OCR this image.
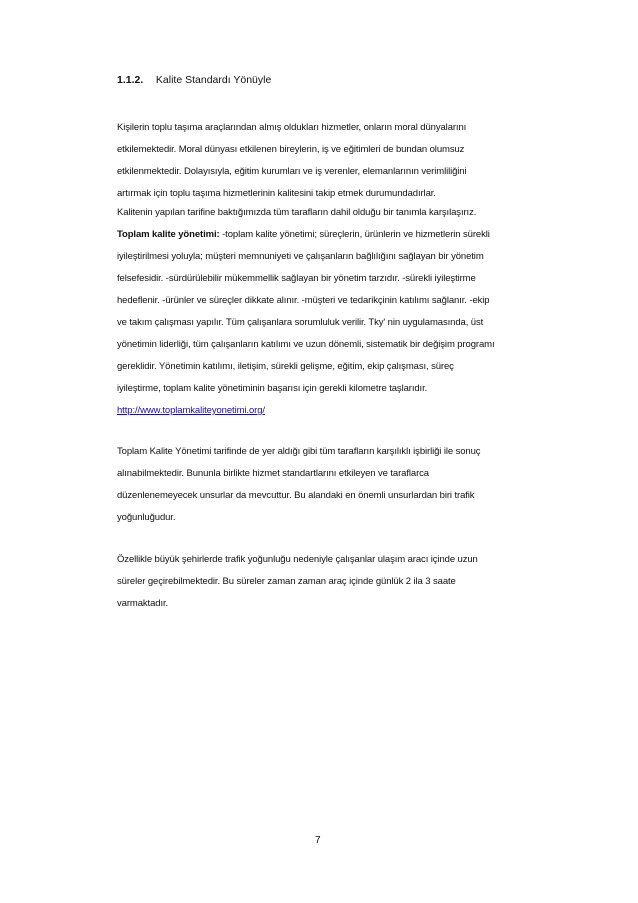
1.1.2. Kalite Standardı Yönüyle
Kişilerin toplu taşıma araçlarından almış oldukları hizmetler, onların moral dünyalarını
etkilemektedir. Moral dünyası etkilenen bireylerin, iş ve eğitimleri de bundan olumsuz
etkilenmektedir. Dolayısıyla, eğitim kurumları ve iş verenler, elemanlarının verimliliğini
artırmak için toplu taşıma hizmetlerinin kalitesini takip etmek durumundadırlar.
Kalitenin yapılan tarifine baktığımızda tüm tarafların dahil olduğu bir tanımla karşılaşırız.
Toplam kalite yönetimi: -toplam kalite yönetimi; süreçlerin, ürünlerin ve hizmetlerin sürekli
iyileştirilmesi yoluyla; müşteri memnuniyeti ve çalışanların bağlılığını sağlayan bir yönetim
felsefesidir. -sürdürülebilir mükemmellik sağlayan bir yönetim tarzıdır. -sürekli iyileştirme
hedeflenir. -ürünler ve süreçler dikkate alınır. -müşteri ve tedarikçinin katılımı sağlanır. -ekip
ve takım çalışması yapılır. Tüm çalışanlara sorumluluk verilir. Tky' nin uygulamasında, üst
yönetimin liderliği, tüm çalışanların katılımı ve uzun dönemli, sistematik bir değişim programı
gereklidir. Yönetimin katılımı, iletişim, sürekli gelişme, eğitim, ekip çalışması, süreç
iyileştirme, toplam kalite yönetiminin başarısı için gerekli kilometre taşlarıdır.
http://www.toplamkaliteyonetimi.org/
Toplam Kalite Yönetimi tarifinde de yer aldığı gibi tüm tarafların karşılıklı işbirliği ile sonuç
alınabilmektedir. Bununla birlikte hizmet standartlarını etkileyen ve taraflarca
düzenlenemeyecek unsurlar da mevcuttur. Bu alandaki en önemli unsurlardan biri trafik
yoğunluğudur.
Özellikle büyük şehirlerde trafik yoğunluğu nedeniyle çalışanlar ulaşım aracı içinde uzun
süreler geçirebilmektedir. Bu süreler zaman zaman araç içinde günlük 2 ila 3 saate
varmaktadır.
7
